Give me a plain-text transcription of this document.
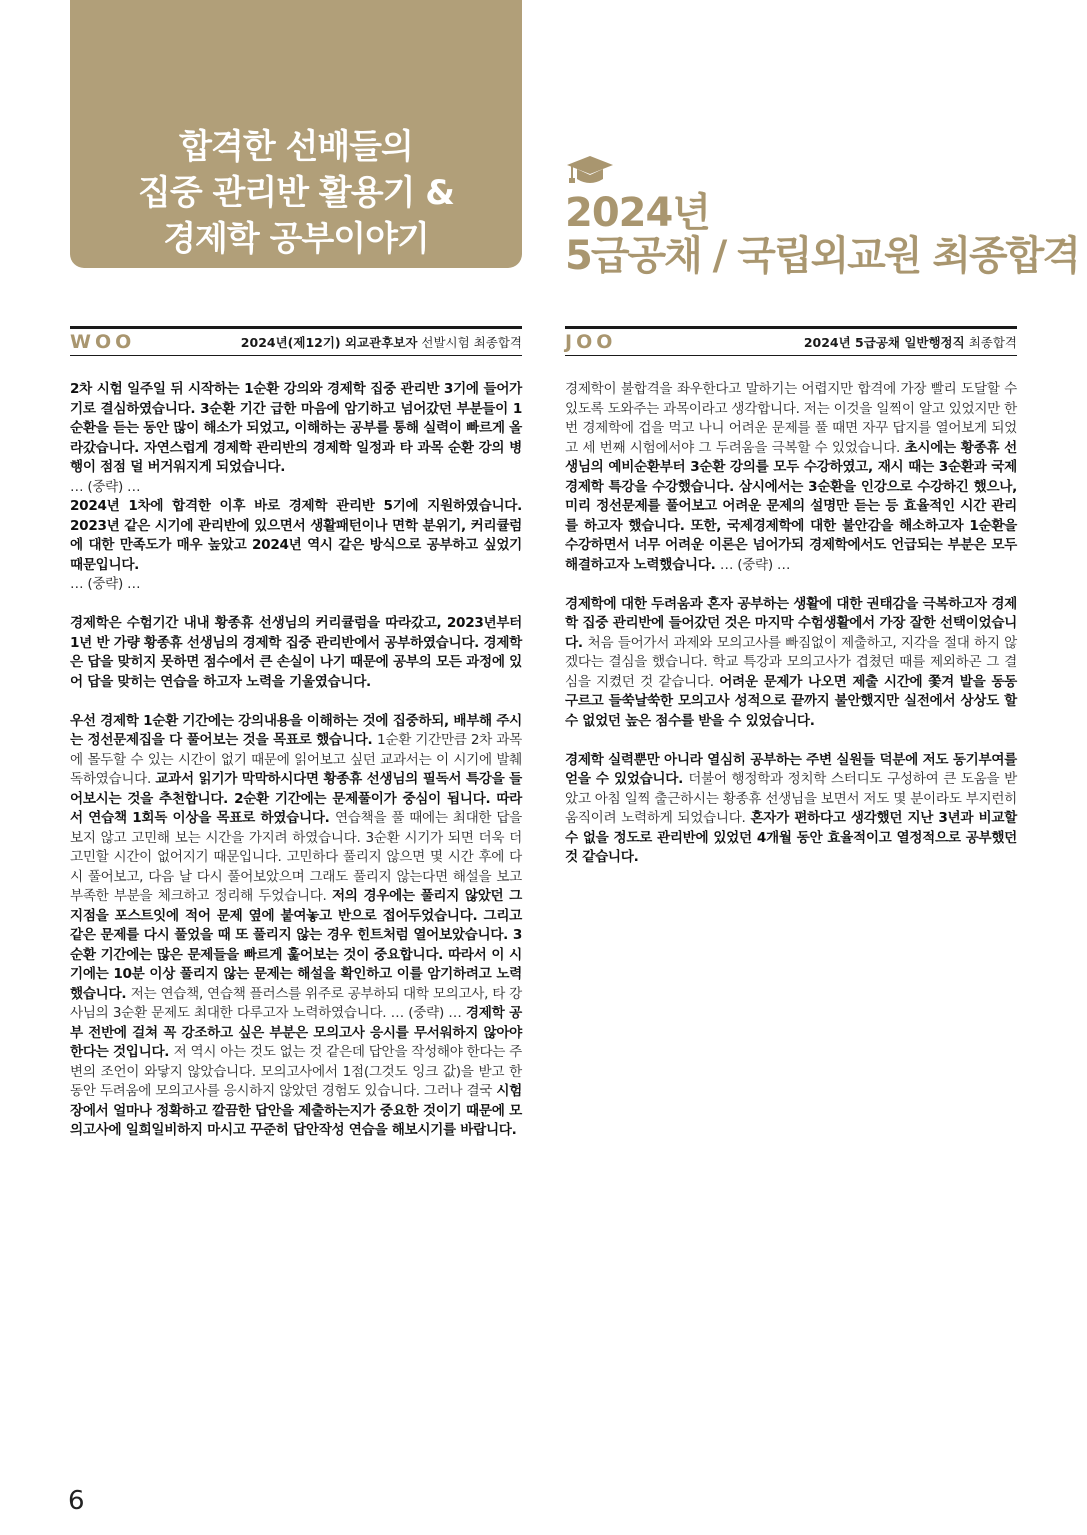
합격한 선배들의
집중 관리반 활용기 &
경제학 공부이야기
2024년
5급공채 / 국립외교원 최종합격
WOO	2024년(제12기) 외교관후보자 선발시험 최종합격 JOO	2024년 5급공채 일반행정직 최종합격

2차 시험 일주일 뒤 시작하는 1순환 강의와 경제학 집중 관리반 3기에 들어가기로 결심하였습니다. 3순환 기간 급한 마음에 암기하고 넘어갔던 부분들이 1순환을 듣는 동안 많이 해소가 되었고, 이해하는 공부를 통해 실력이 빠르게 올라갔습니다. 자연스럽게 경제학 관리반의 경제학 일정과 타 과목 순환 강의 병행이 점점 덜 버거워지게 되었습니다.

… (중략) …

2024년 1차에 합격한 이후 바로 경제학 관리반 5기에 지원하였습니다. 2023년 같은 시기에 관리반에 있으면서 생활패턴이나 면학 분위기, 커리큘럼에 대한 만족도가 매우 높았고 2024년 역시 같은 방식으로 공부하고 싶었기 때문입니다.

… (중략) …

경제학은 수험기간 내내 황종휴 선생님의 커리큘럼을 따라갔고, 2023년부터 1년 반 가량 황종휴 선생님의 경제학 집중 관리반에서 공부하였습니다. 경제학은 답을 맞히지 못하면 점수에서 큰 손실이 나기 때문에 공부의 모든 과정에 있어 답을 맞히는 연습을 하고자 노력을 기울였습니다.

우선 경제학 1순환 기간에는 강의내용을 이해하는 것에 집중하되, 배부해 주시는 정선문제집을 다 풀어보는 것을 목표로 했습니다. 1순환 기간만큼 2차 과목에 몰두할 수 있는 시간이 없기 때문에 읽어보고 싶던 교과서는 이 시기에 발췌독하였습니다. 교과서 읽기가 막막하시다면 황종휴 선생님의 필독서 특강을 들어보시는 것을 추천합니다. 2순환 기간에는 문제풀이가 중심이 됩니다. 따라서 연습책 1회독 이상을 목표로 하였습니다. 연습책을 풀 때에는 최대한 답을 보지 않고 고민해 보는 시간을 가지려 하였습니다. 3순환 시기가 되면 더욱 더 고민할 시간이 없어지기 때문입니다. 고민하다 풀리지 않으면 몇 시간 후에 다시 풀어보고, 다음 날 다시 풀어보았으며 그래도 풀리지 않는다면 해설을 보고 부족한 부분을 체크하고 정리해 두었습니다. 저의 경우에는 풀리지 않았던 그 지점을 포스트잇에 적어 문제 옆에 붙여놓고 반으로 접어두었습니다. 그리고 같은 문제를 다시 풀었을 때 또 풀리지 않는 경우 힌트처럼 열어보았습니다. 3순환 기간에는 많은 문제들을 빠르게 훑어보는 것이 중요합니다. 따라서 이 시기에는 10분 이상 풀리지 않는 문제는 해설을 확인하고 이를 암기하려고 노력했습니다. 저는 연습책, 연습책 플러스를 위주로 공부하되 대학 모의고사, 타 강사님의 3순환 문제도 최대한 다루고자 노력하였습니다. … (중략) … 경제학 공부 전반에 걸쳐 꼭 강조하고 싶은 부분은 모의고사 응시를 무서워하지 않아야 한다는 것입니다. 저 역시 아는 것도 없는 것 같은데 답안을 작성해야 한다는 주변의 조언이 와닿지 않았습니다. 모의고사에서 1점(그것도 잉크 값)을 받고 한동안 두려움에 모의고사를 응시하지 않았던 경험도 있습니다. 그러나 결국 시험장에서 얼마나 정확하고 깔끔한 답안을 제출하는지가 중요한 것이기 때문에 모의고사에 일희일비하지 마시고 꾸준히 답안작성 연습을 해보시기를 바랍니다.

경제학이 불합격을 좌우한다고 말하기는 어렵지만 합격에 가장 빨리 도달할 수 있도록 도와주는 과목이라고 생각합니다. 저는 이것을 일찍이 알고 있었지만 한번 경제학에 겁을 먹고 나니 어려운 문제를 풀 때면 자꾸 답지를 열어보게 되었고 세 번째 시험에서야 그 두려움을 극복할 수 있었습니다. 초시에는 황종휴 선생님의 예비순환부터 3순환 강의를 모두 수강하였고, 재시 때는 3순환과 국제경제학 특강을 수강했습니다. 삼시에서는 3순환을 인강으로 수강하긴 했으나, 미리 정선문제를 풀어보고 어려운 문제의 설명만 듣는 등 효율적인 시간 관리를 하고자 했습니다. 또한, 국제경제학에 대한 불안감을 해소하고자 1순환을 수강하면서 너무 어려운 이론은 넘어가되 경제학에서도 언급되는 부분은 모두 해결하고자 노력했습니다. … (중략) …

경제학에 대한 두려움과 혼자 공부하는 생활에 대한 권태감을 극복하고자 경제학 집중 관리반에 들어갔던 것은 마지막 수험생활에서 가장 잘한 선택이었습니다. 처음 들어가서 과제와 모의고사를 빠짐없이 제출하고, 지각을 절대 하지 않겠다는 결심을 했습니다. 학교 특강과 모의고사가 겹쳤던 때를 제외하곤 그 결심을 지켰던 것 같습니다. 어려운 문제가 나오면 제출 시간에 쫓겨 발을 동동 구르고 들쑥날쑥한 모의고사 성적으로 끝까지 불안했지만 실전에서 상상도 할 수 없었던 높은 점수를 받을 수 있었습니다.

경제학 실력뿐만 아니라 열심히 공부하는 주변 실원들 덕분에 저도 동기부여를 얻을 수 있었습니다. 더불어 행정학과 정치학 스터디도 구성하여 큰 도움을 받았고 아침 일찍 출근하시는 황종휴 선생님을 보면서 저도 몇 분이라도 부지런히 움직이려 노력하게 되었습니다. 혼자가 편하다고 생각했던 지난 3년과 비교할 수 없을 정도로 관리반에 있었던 4개월 동안 효율적이고 열정적으로 공부했던 것 같습니다.

6
